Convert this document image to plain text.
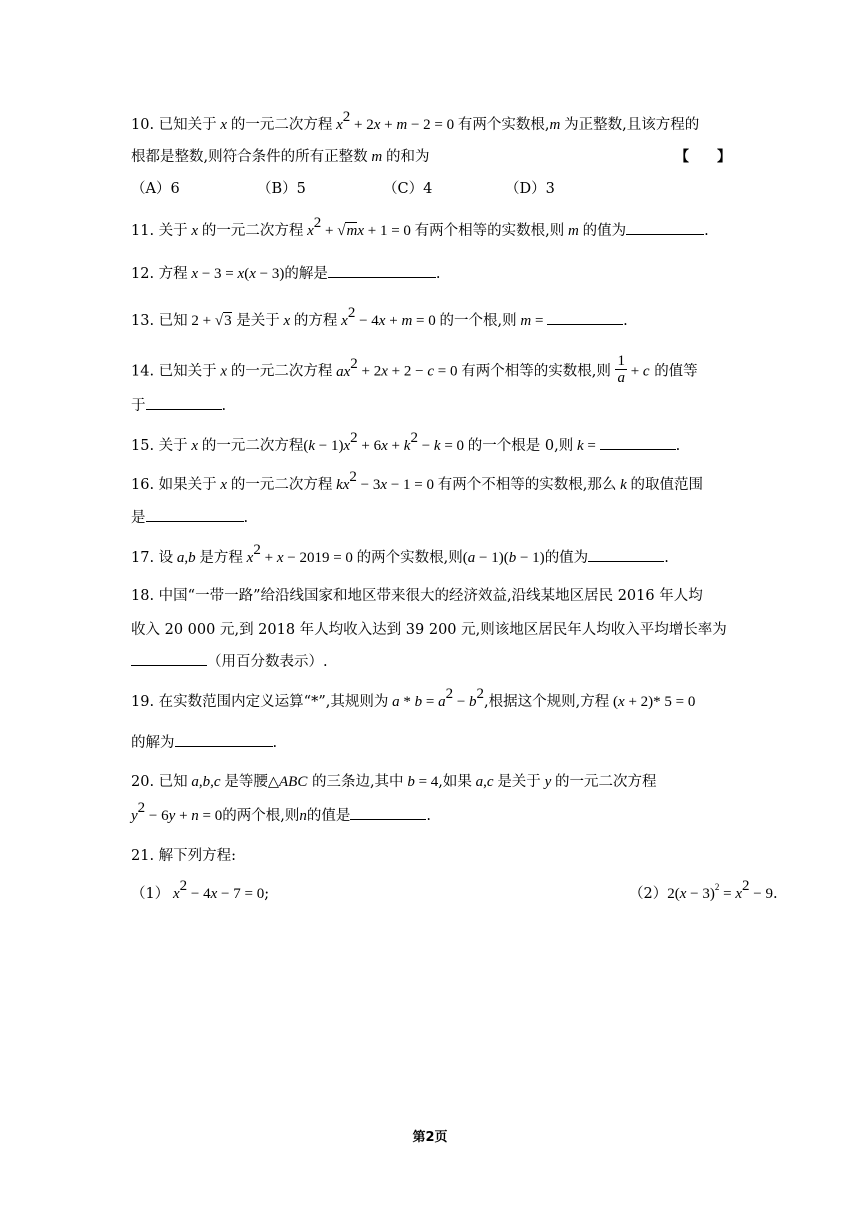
10. 已知关于 x 的一元二次方程 $x^2 + 2x + m - 2 = 0$ 有两个实数根,m 为正整数,且该方程的
根都是整数,则符合条件的所有正整数 m 的和为	【　　】
（A）6	（B）5	（C）4	（D）3
11. 关于 x 的一元二次方程 $x^2 + √mx + 1 = 0$ 有两个相等的实数根,则 m 的值为	.
12. 方程 x − 3 = x(x − 3)的解是	.
13. 已知 2 + √3 是关于 x 的方程 $x^2 - 4x + m = 0$ 的一个根,则 m =	.
14. 已知关于 x 的一元二次方程 $ax^2 + 2x + 2 - c = 0$ 有两个相等的实数根,则 $\frac{1}{a} + c$ 的值等
于	.
15. 关于 x 的一元二次方程$(k - 1)x^2 + 6x + k^2 - k = 0$ 的一个根是 0,则 k =	.
16. 如果关于 x 的一元二次方程 $kx^2 - 3x - 1 = 0$ 有两个不相等的实数根,那么 k 的取值范围
是	.
17. 设 a,b 是方程 $x^2 + x - 2019 = 0$ 的两个实数根,则(a − 1)(b − 1)的值为	.
18. 中国“一带一路”给沿线国家和地区带来很大的经济效益,沿线某地区居民 2016 年人均
收入 20 000 元,到 2018 年人均收入达到 39 200 元,则该地区居民年人均收入平均增长率为
（用百分数表示）.
19. 在实数范围内定义运算“*”,其规则为 $a * b = a^2 - b^2$,根据这个规则,方程 (x + 2)* 5 = 0
的解为	.
20. 已知 a,b,c 是等腰△ABC 的三条边,其中 b = 4,如果 a,c 是关于 y 的一元二次方程
$y^2 - 6y + n = 0$的两个根,则n的值是	.
21. 解下列方程:
（1） $x^2 - 4x - 7 = 0$;	$(2)2(x - 3)^2 = x^2 - 9$.
第2页
